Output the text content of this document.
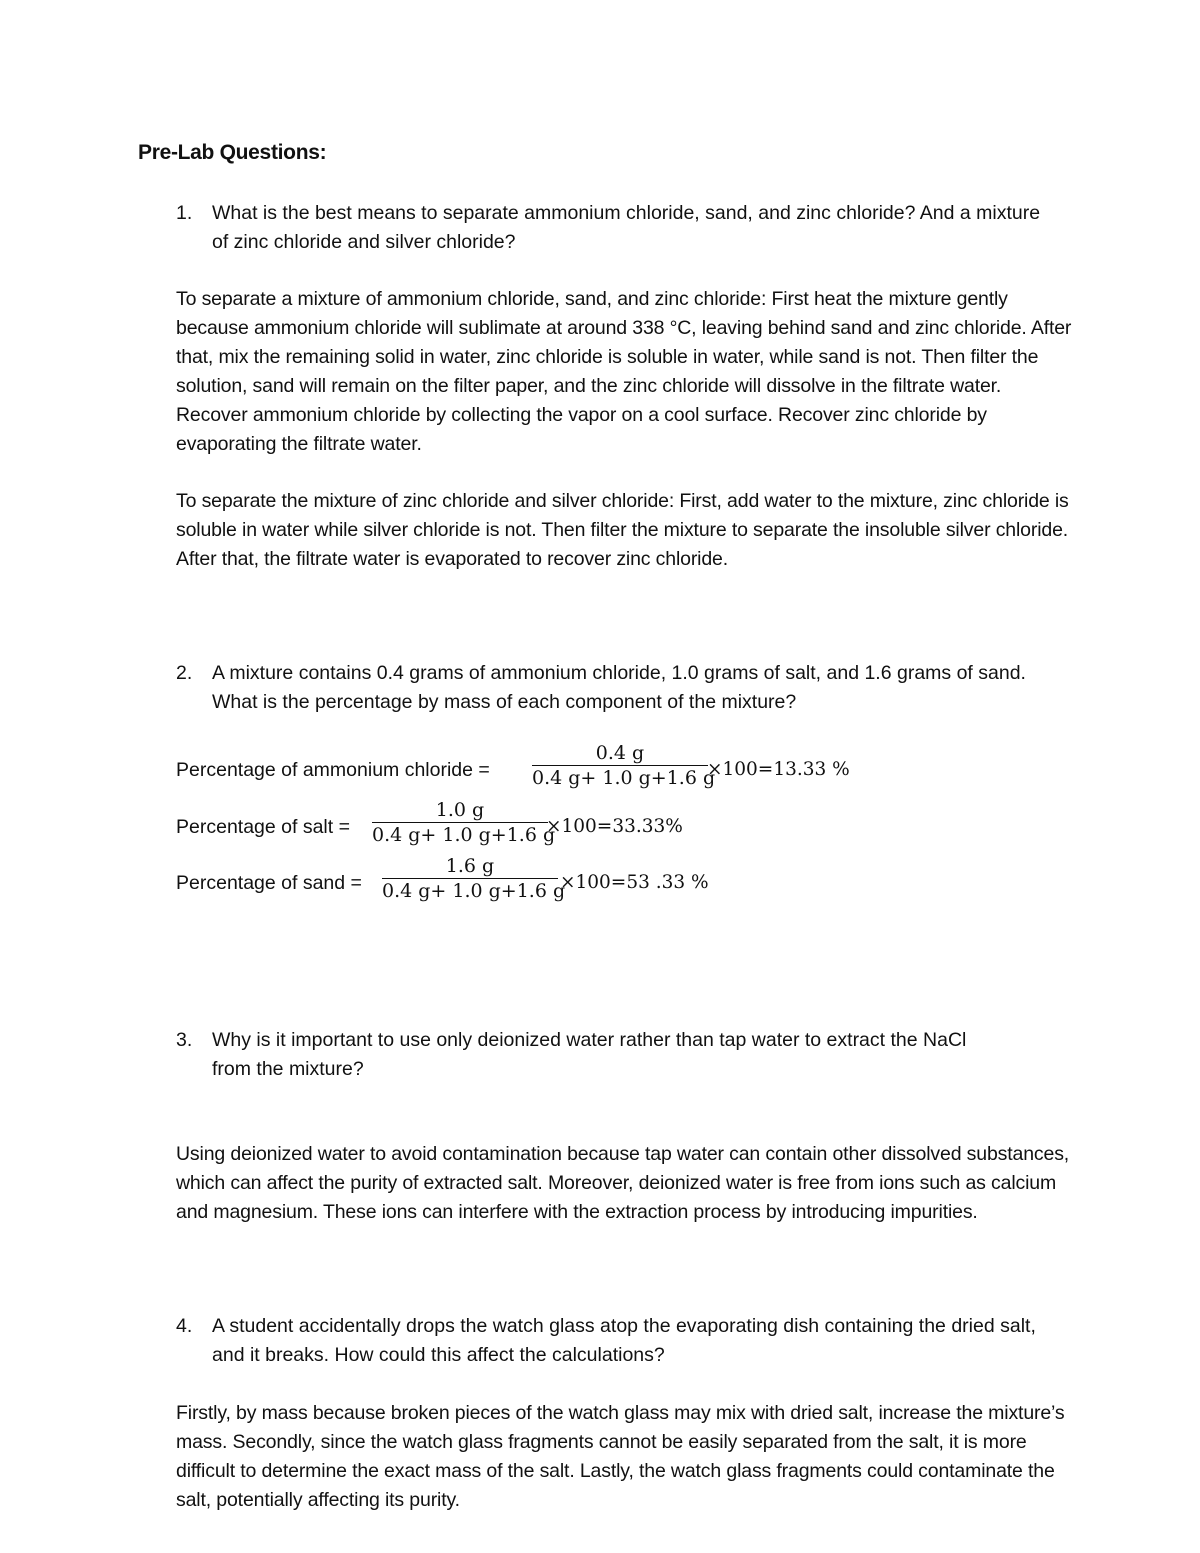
Pre-Lab Questions:
1. What is the best means to separate ammonium chloride, sand, and zinc chloride? And a mixture of zinc chloride and silver chloride?

To separate a mixture of ammonium chloride, sand, and zinc chloride: First heat the mixture gently because ammonium chloride will sublimate at around 338 °C, leaving behind sand and zinc chloride. After that, mix the remaining solid in water, zinc chloride is soluble in water, while sand is not. Then filter the solution, sand will remain on the filter paper, and the zinc chloride will dissolve in the filtrate water. Recover ammonium chloride by collecting the vapor on a cool surface. Recover zinc chloride by evaporating the filtrate water.

To separate the mixture of zinc chloride and silver chloride: First, add water to the mixture, zinc chloride is soluble in water while silver chloride is not. Then filter the mixture to separate the insoluble silver chloride. After that, the filtrate water is evaporated to recover zinc chloride.

2. A mixture contains 0.4 grams of ammonium chloride, 1.0 grams of salt, and 1.6 grams of sand. What is the percentage by mass of each component of the mixture?
Percentage of ammonium chloride =
0.4 g
0.4 g+ 1.0 g+1.6 g
×100=13.33 %
Percentage of salt =
1.0 g
0.4 g+ 1.0 g+1.6 g
×100=33.33%
Percentage of sand =
1.6 g
0.4 g+ 1.0 g+1.6 g
×100=53 .33 %
3. Why is it important to use only deionized water rather than tap water to extract the NaCl from the mixture?

Using deionized water to avoid contamination because tap water can contain other dissolved substances, which can affect the purity of extracted salt. Moreover, deionized water is free from ions such as calcium and magnesium. These ions can interfere with the extraction process by introducing impurities.

4. A student accidentally drops the watch glass atop the evaporating dish containing the dried salt, and it breaks. How could this affect the calculations?

Firstly, by mass because broken pieces of the watch glass may mix with dried salt, increase the mixture’s mass. Secondly, since the watch glass fragments cannot be easily separated from the salt, it is more difficult to determine the exact mass of the salt. Lastly, the watch glass fragments could contaminate the salt, potentially affecting its purity.
